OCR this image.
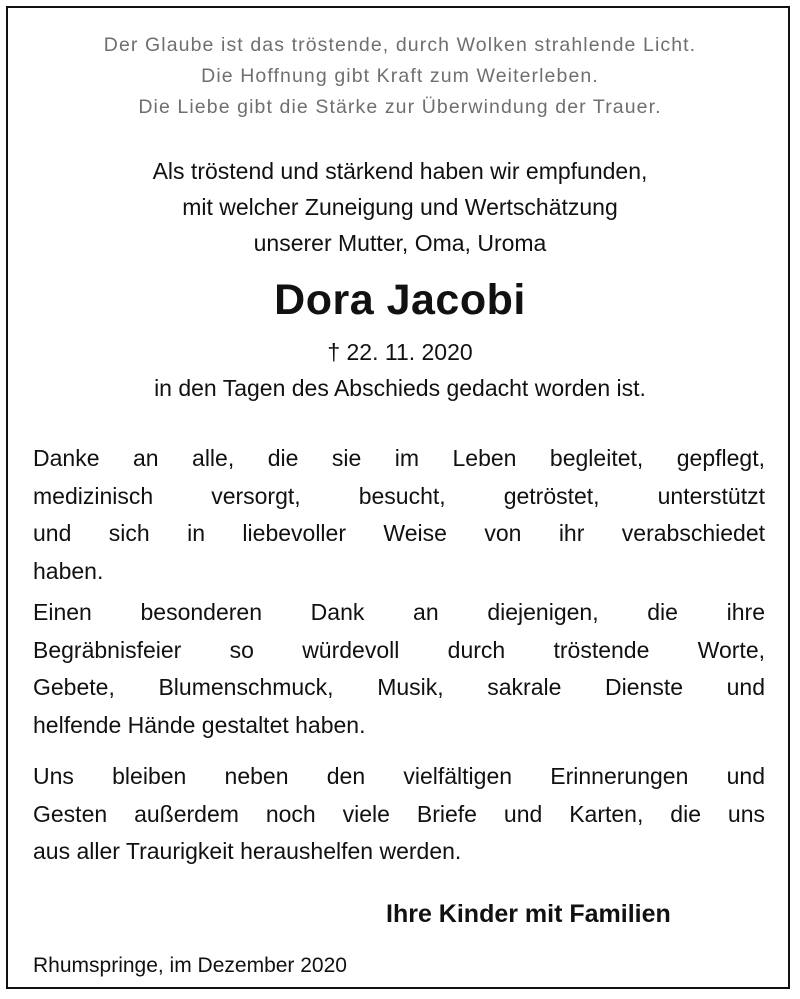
Der Glaube ist das tröstende, durch Wolken strahlende Licht.
Die Hoffnung gibt Kraft zum Weiterleben.
Die Liebe gibt die Stärke zur Überwindung der Trauer.
Als tröstend und stärkend haben wir empfunden,
mit welcher Zuneigung und Wertschätzung
unserer Mutter, Oma, Uroma
Dora Jacobi
† 22. 11. 2020
in den Tagen des Abschieds gedacht worden ist.
Danke an alle, die sie im Leben begleitet, gepflegt,
medizinisch versorgt, besucht, getröstet, unterstützt
und sich in liebevoller Weise von ihr verabschiedet
haben.
Einen besonderen Dank an diejenigen, die ihre
Begräbnisfeier so würdevoll durch tröstende Worte,
Gebete, Blumenschmuck, Musik, sakrale Dienste und
helfende Hände gestaltet haben.
Uns bleiben neben den vielfältigen Erinnerungen und
Gesten außerdem noch viele Briefe und Karten, die uns
aus aller Traurigkeit heraushelfen werden.
Ihre Kinder mit Familien
Rhumspringe, im Dezember 2020
